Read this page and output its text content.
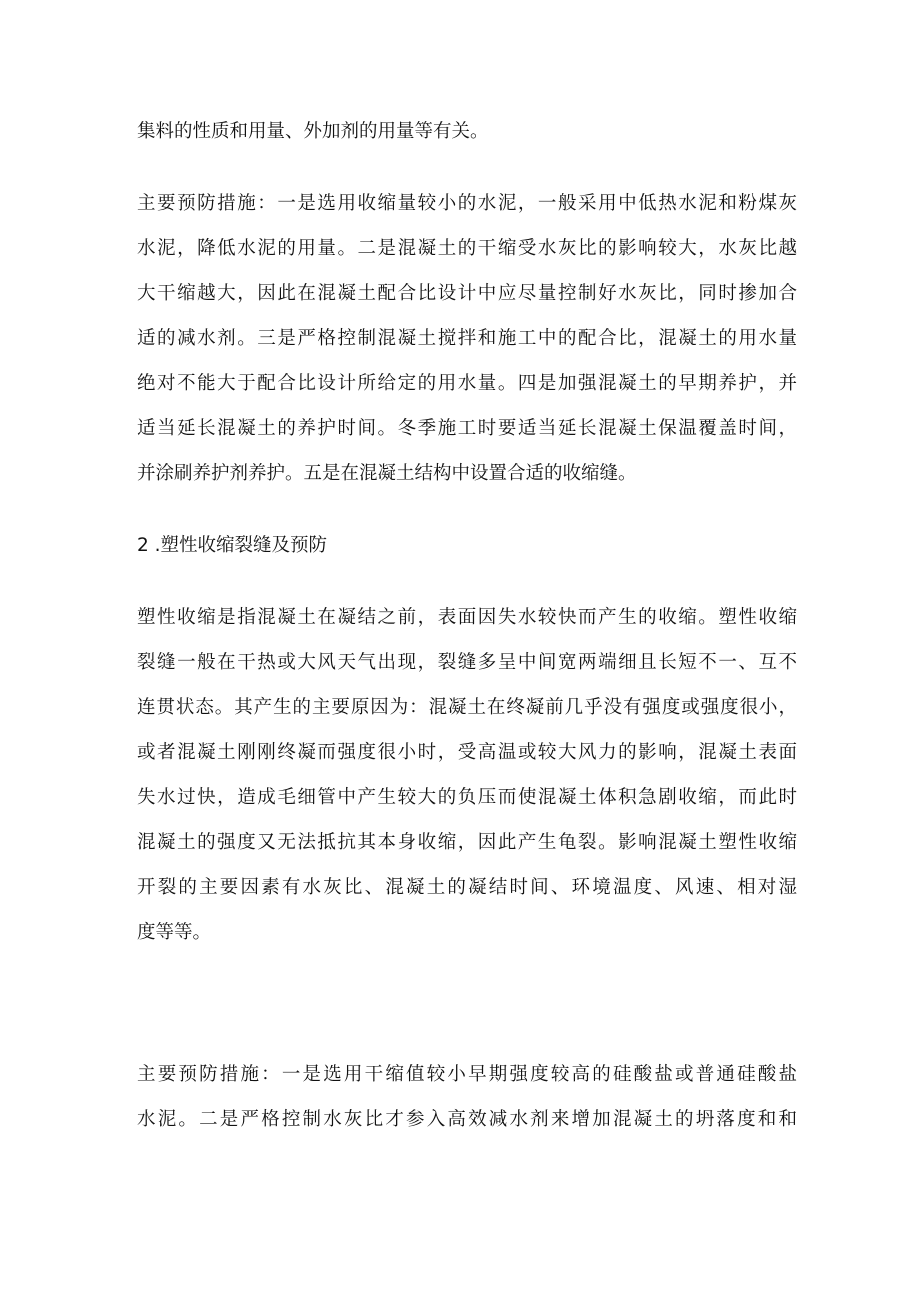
集料的性质和用量、外加剂的用量等有关。
主要预防措施：一是选用收缩量较小的水泥，一般采用中低热水泥和粉煤灰
水泥，降低水泥的用量。二是混凝土的干缩受水灰比的影响较大，水灰比越
大干缩越大，因此在混凝土配合比设计中应尽量控制好水灰比，同时掺加合
适的减水剂。三是严格控制混凝土搅拌和施工中的配合比，混凝土的用水量
绝对不能大于配合比设计所给定的用水量。四是加强混凝土的早期养护，并
适当延长混凝土的养护时间。冬季施工时要适当延长混凝土保温覆盖时间，
并涂刷养护剂养护。五是在混凝土结构中设置合适的收缩缝。
2 .塑性收缩裂缝及预防
塑性收缩是指混凝土在凝结之前，表面因失水较快而产生的收缩。塑性收缩
裂缝一般在干热或大风天气出现，裂缝多呈中间宽两端细且长短不一、互不
连贯状态。其产生的主要原因为：混凝土在终凝前几乎没有强度或强度很小，
或者混凝土刚刚终凝而强度很小时，受高温或较大风力的影响，混凝土表面
失水过快，造成毛细管中产生较大的负压而使混凝土体积急剧收缩，而此时
混凝土的强度又无法抵抗其本身收缩，因此产生龟裂。影响混凝土塑性收缩
开裂的主要因素有水灰比、混凝土的凝结时间、环境温度、风速、相对湿
度等等。
主要预防措施：一是选用干缩值较小早期强度较高的硅酸盐或普通硅酸盐
水泥。二是严格控制水灰比才参入高效减水剂来增加混凝土的坍落度和和
